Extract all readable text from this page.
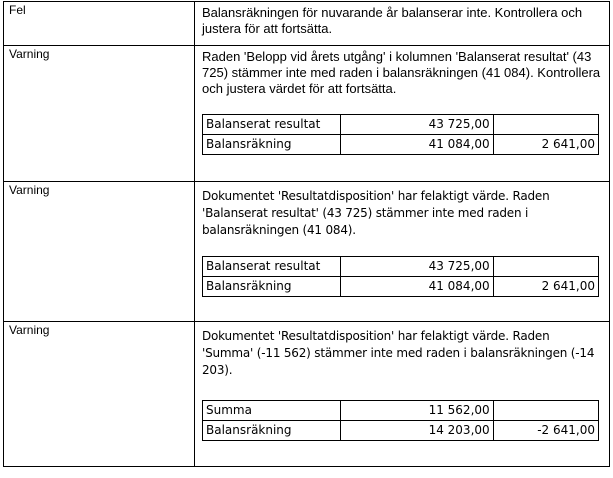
Fel	Balansräkningen för nuvarande år balanserar inte. Kontrollera och justera för att fortsätta.

Varning	Raden 'Belopp vid årets utgång' i kolumnen 'Balanserat resultat' (43 725) stämmer inte med raden i balansräkningen (41 084). Kontrollera och justera värdet för att fortsätta.
Balanserat resultat	43 725,00	
Balansräkning	41 084,00	2 641,00

Varning	Dokumentet 'Resultatdisposition' har felaktigt värde. Raden 'Balanserat resultat' (43 725) stämmer inte med raden i balansräkningen (41 084).
Balanserat resultat	43 725,00	
Balansräkning	41 084,00	2 641,00

Varning	Dokumentet 'Resultatdisposition' har felaktigt värde. Raden 'Summa' (-11 562) stämmer inte med raden i balansräkningen (-14 203).
Summa	11 562,00	
Balansräkning	14 203,00	-2 641,00
